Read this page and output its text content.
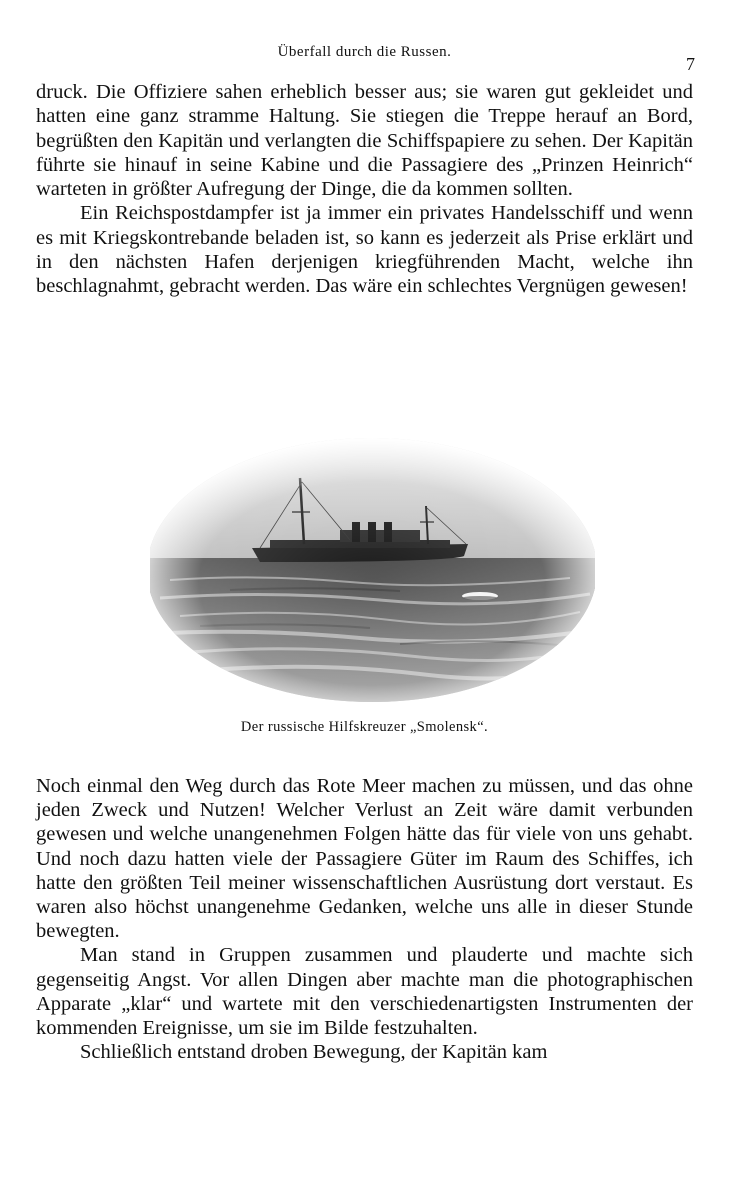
Überfall durch die Russen.
7

druck. Die Offiziere sahen erheblich besser aus; sie waren gut gekleidet und hatten eine ganz stramme Haltung. Sie stiegen die Treppe herauf an Bord, begrüßten den Kapitän und verlangten die Schiffspapiere zu sehen. Der Kapitän führte sie hinauf in seine Kabine und die Passagiere des „Prinzen Heinrich“ warteten in größter Aufregung der Dinge, die da kommen sollten.

Ein Reichspostdampfer ist ja immer ein privates Handelsschiff und wenn es mit Kriegskontrebande beladen ist, so kann es jederzeit als Prise erklärt und in den nächsten Hafen derjenigen kriegführenden Macht, welche ihn beschlagnahmt, gebracht werden. Das wäre ein schlechtes Vergnügen gewesen!

Der russische Hilfskreuzer „Smolensk“.

Noch einmal den Weg durch das Rote Meer machen zu müssen, und das ohne jeden Zweck und Nutzen! Welcher Verlust an Zeit wäre damit verbunden gewesen und welche unangenehmen Folgen hätte das für viele von uns gehabt. Und noch dazu hatten viele der Passagiere Güter im Raum des Schiffes, ich hatte den größten Teil meiner wissenschaftlichen Ausrüstung dort verstaut. Es waren also höchst unangenehme Gedanken, welche uns alle in dieser Stunde bewegten.

Man stand in Gruppen zusammen und plauderte und machte sich gegenseitig Angst. Vor allen Dingen aber machte man die photographischen Apparate „klar“ und wartete mit den verschiedenartigsten Instrumenten der kommenden Ereignisse, um sie im Bilde festzuhalten.

Schließlich entstand droben Bewegung, der Kapitän kam
